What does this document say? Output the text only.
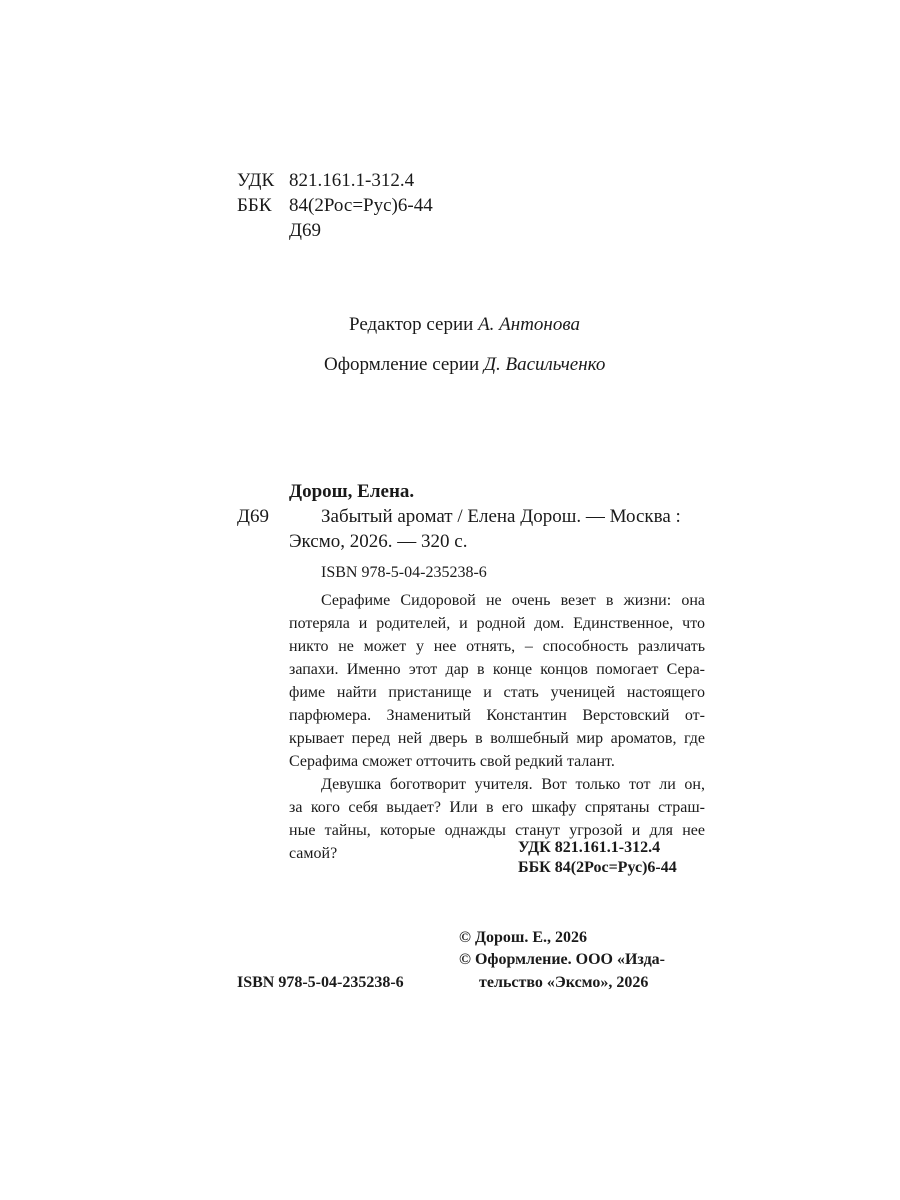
УДК 821.161.1-312.4
ББК 84(2Рос=Рус)6-44
Д69
Редактор серии А. Антонова
Оформление серии Д. Васильченко
Дорош, Елена.
Д69	Забытый аромат / Елена Дорош. — Москва :
Эксмо, 2026. — 320 с.
ISBN 978-5-04-235238-6
Серафиме Сидоровой не очень везет в жизни: она
потеряла и родителей, и родной дом. Единственное, что
никто не может у нее отнять, – способность различать
запахи. Именно этот дар в конце концов помогает Сера-
фиме найти пристанище и стать ученицей настоящего
парфюмера. Знаменитый Константин Верстовский от-
крывает перед ней дверь в волшебный мир ароматов, где
Серафима сможет отточить свой редкий талант.
Девушка боготворит учителя. Вот только тот ли он,
за кого себя выдает? Или в его шкафу спрятаны страш-
ные тайны, которые однажды станут угрозой и для нее
самой?	УДК 821.161.1-312.4
ББК 84(2Рос=Рус)6-44
© Дорош. Е., 2026
© Оформление. ООО «Изда-
тельство «Эксмо», 2026
ISBN 978-5-04-235238-6
